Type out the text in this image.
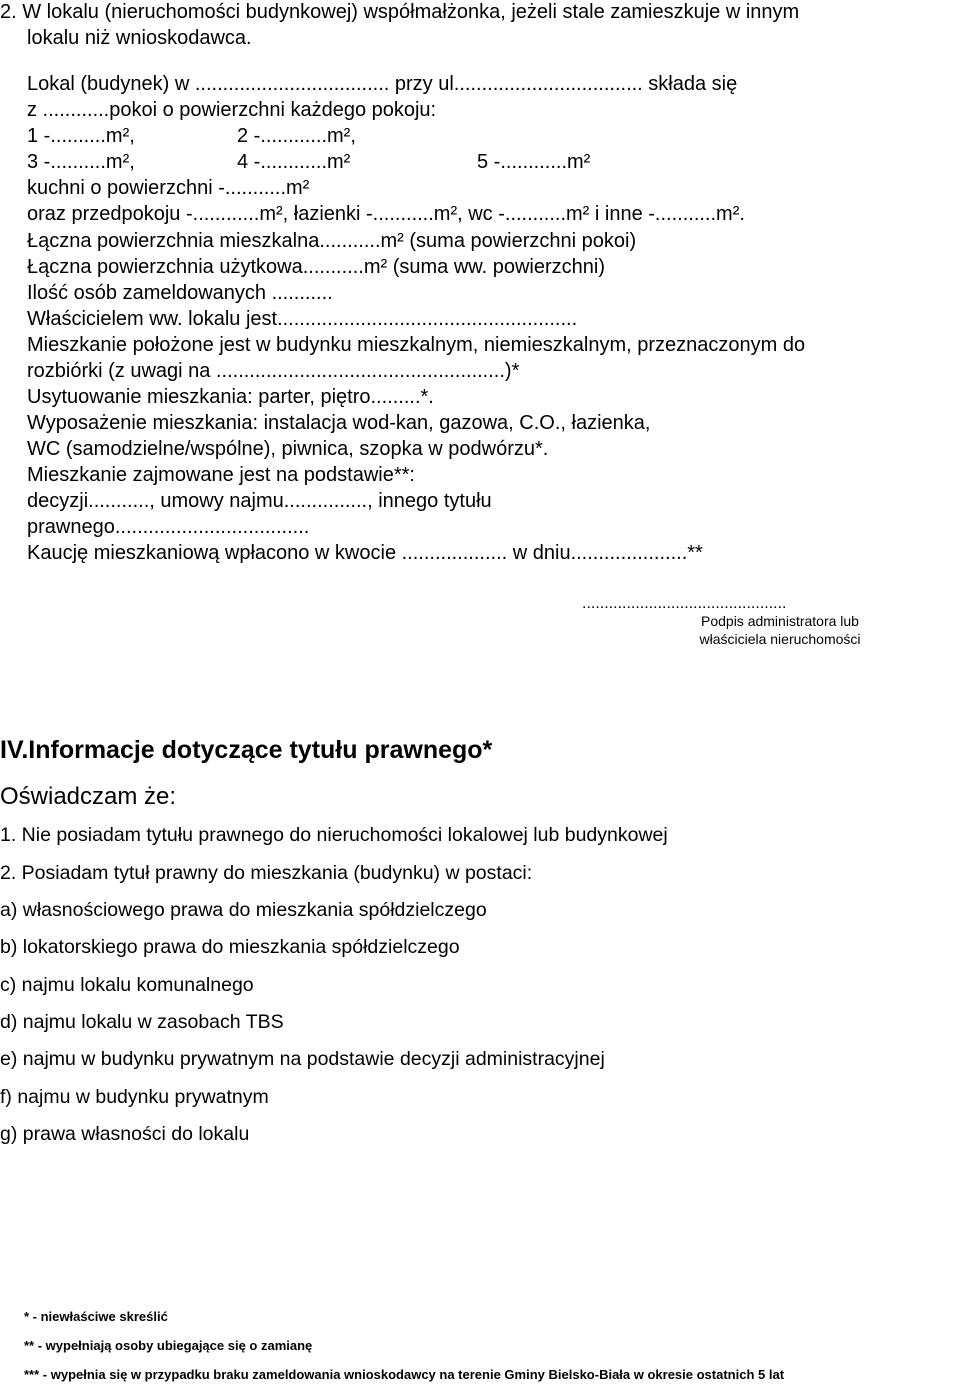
2. W lokalu (nieruchomości budynkowej) współmałżonka, jeżeli stale zamieszkuje w innym
lokalu niż wnioskodawca.
Lokal (budynek) w ................................... przy ul.................................. składa się
z ............pokoi o powierzchni każdego pokoju:
1 -..........m²,	2 -............m²,
3 -..........m²,	4 -............m²	5 -............m²
kuchni o powierzchni -...........m²
oraz przedpokoju -............m², łazienki -...........m², wc -...........m² i inne -...........m².
Łączna powierzchnia mieszkalna...........m² (suma powierzchni pokoi)
Łączna powierzchnia użytkowa...........m² (suma ww. powierzchni)
Ilość osób zameldowanych ...........
Właścicielem ww. lokalu jest......................................................
Mieszkanie położone jest w budynku mieszkalnym, niemieszkalnym, przeznaczonym do
rozbiórki (z uwagi na ....................................................)*
Usytuowanie mieszkania: parter, piętro.........*.
Wyposażenie mieszkania: instalacja wod-kan, gazowa, C.O., łazienka,
WC (samodzielne/wspólne), piwnica, szopka w podwórzu*.
Mieszkanie zajmowane jest na podstawie**:
decyzji..........., umowy najmu..............., innego tytułu
prawnego...................................
Kaucję mieszkaniową wpłacono w kwocie ................... w dniu.....................**
..............................................
Podpis administratora lub
właściciela nieruchomości
IV.Informacje dotyczące tytułu prawnego*
Oświadczam że:
1. Nie posiadam tytułu prawnego do nieruchomości lokalowej lub budynkowej
2. Posiadam tytuł prawny do mieszkania (budynku) w postaci:
a) własnościowego prawa do mieszkania spółdzielczego
b) lokatorskiego prawa do mieszkania spółdzielczego
c) najmu lokalu komunalnego
d) najmu lokalu w zasobach TBS
e) najmu w budynku prywatnym na podstawie decyzji administracyjnej
f) najmu w budynku prywatnym
g) prawa własności do lokalu
* - niewłaściwe skreślić
** - wypełniają osoby ubiegające się o zamianę
*** - wypełnia się w przypadku braku zameldowania wnioskodawcy na terenie Gminy Bielsko-Biała w okresie ostatnich 5 lat
